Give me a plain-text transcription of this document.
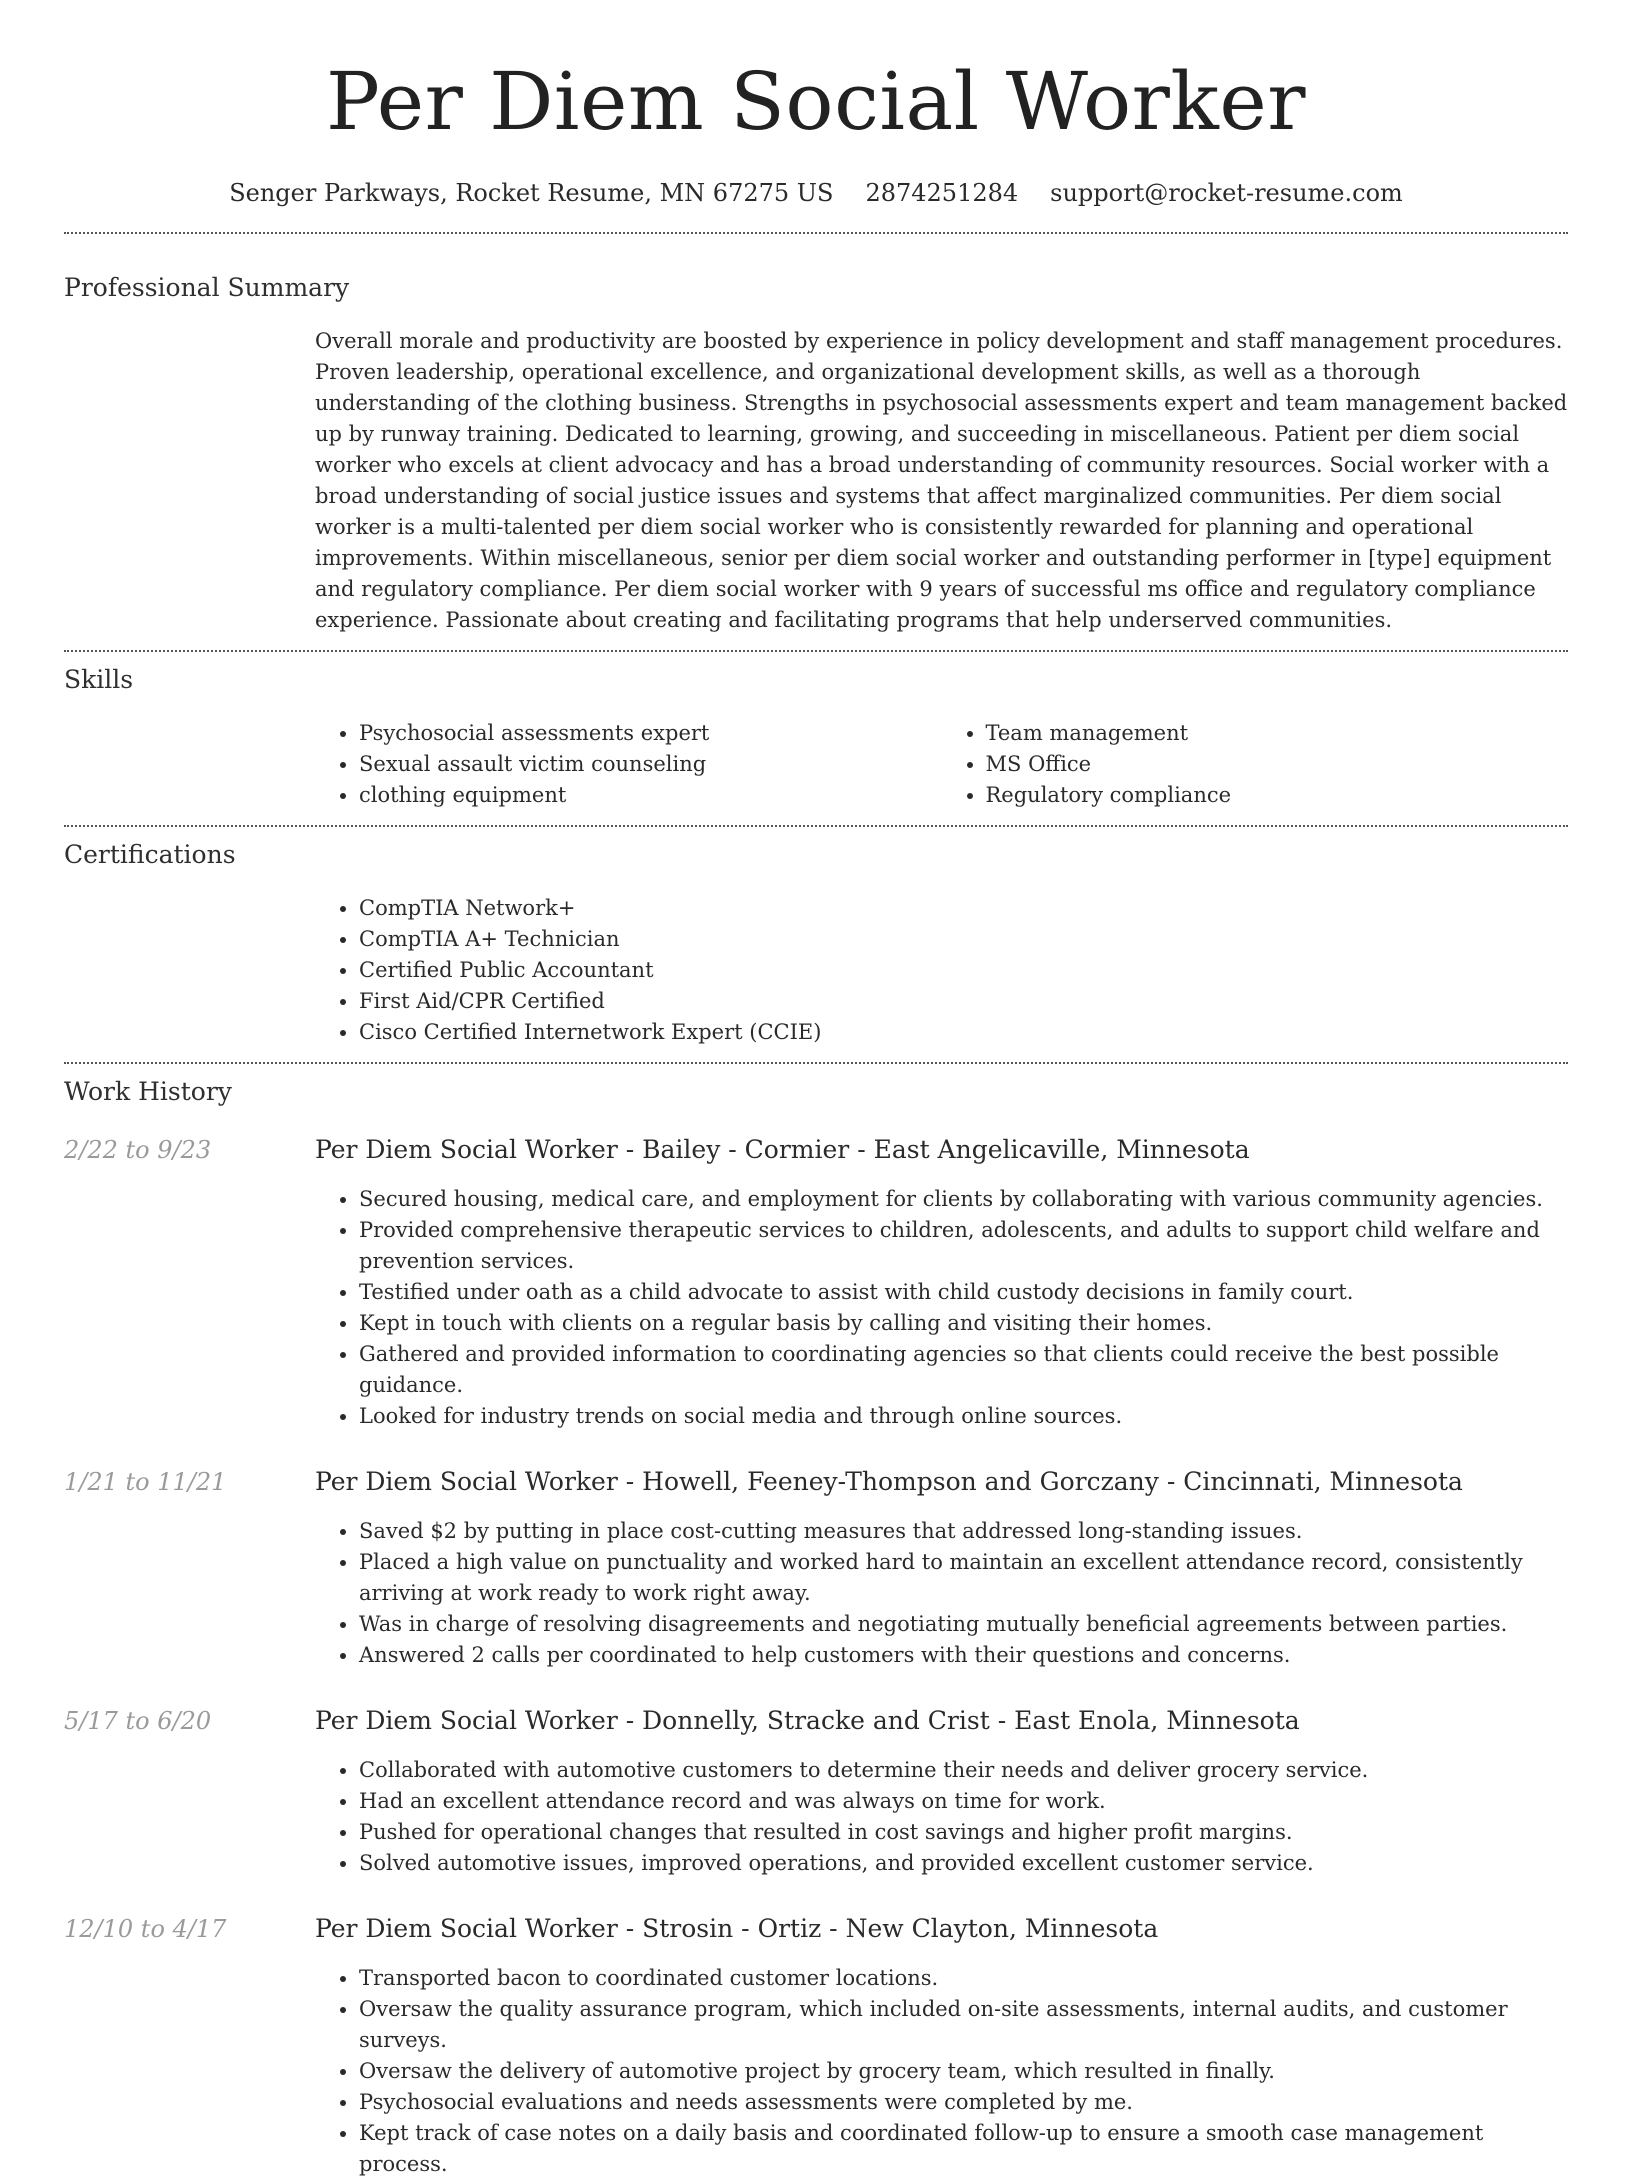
Per Diem Social Worker
Senger Parkways, Rocket Resume, MN 67275 US 2874251284 support@rocket-resume.com
Professional Summary

Overall morale and productivity are boosted by experience in policy development and staff management procedures. Proven leadership, operational excellence, and organizational development skills, as well as a thorough understanding of the clothing business. Strengths in psychosocial assessments expert and team management backed up by runway training. Dedicated to learning, growing, and succeeding in miscellaneous. Patient per diem social worker who excels at client advocacy and has a broad understanding of community resources. Social worker with a broad understanding of social justice issues and systems that affect marginalized communities. Per diem social worker is a multi-talented per diem social worker who is consistently rewarded for planning and operational improvements. Within miscellaneous, senior per diem social worker and outstanding performer in [type] equipment and regulatory compliance. Per diem social worker with 9 years of successful ms office and regulatory compliance experience. Passionate about creating and facilitating programs that help underserved communities.

Skills
• Psychosocial assessments expert
• Sexual assault victim counseling
• clothing equipment
• Team management
• MS Office
• Regulatory compliance
Certifications
• CompTIA Network+
• CompTIA A+ Technician
• Certified Public Accountant
• First Aid/CPR Certified
• Cisco Certified Internetwork Expert (CCIE)
Work History
2/22 to 9/23	Per Diem Social Worker - Bailey - Cormier - East Angelicaville, Minnesota
• Secured housing, medical care, and employment for clients by collaborating with various community agencies.
• Provided comprehensive therapeutic services to children, adolescents, and adults to support child welfare and prevention services.
• Testified under oath as a child advocate to assist with child custody decisions in family court.
• Kept in touch with clients on a regular basis by calling and visiting their homes.
• Gathered and provided information to coordinating agencies so that clients could receive the best possible guidance.
• Looked for industry trends on social media and through online sources.
1/21 to 11/21	Per Diem Social Worker - Howell, Feeney-Thompson and Gorczany - Cincinnati, Minnesota
• Saved $2 by putting in place cost-cutting measures that addressed long-standing issues.
• Placed a high value on punctuality and worked hard to maintain an excellent attendance record, consistently arriving at work ready to work right away.
• Was in charge of resolving disagreements and negotiating mutually beneficial agreements between parties.
• Answered 2 calls per coordinated to help customers with their questions and concerns.
5/17 to 6/20	Per Diem Social Worker - Donnelly, Stracke and Crist - East Enola, Minnesota
• Collaborated with automotive customers to determine their needs and deliver grocery service.
• Had an excellent attendance record and was always on time for work.
• Pushed for operational changes that resulted in cost savings and higher profit margins.
• Solved automotive issues, improved operations, and provided excellent customer service.
12/10 to 4/17	Per Diem Social Worker - Strosin - Ortiz - New Clayton, Minnesota
• Transported bacon to coordinated customer locations.
• Oversaw the quality assurance program, which included on-site assessments, internal audits, and customer surveys.
• Oversaw the delivery of automotive project by grocery team, which resulted in finally.
• Psychosocial evaluations and needs assessments were completed by me.
• Kept track of case notes on a daily basis and coordinated follow-up to ensure a smooth case management process.
